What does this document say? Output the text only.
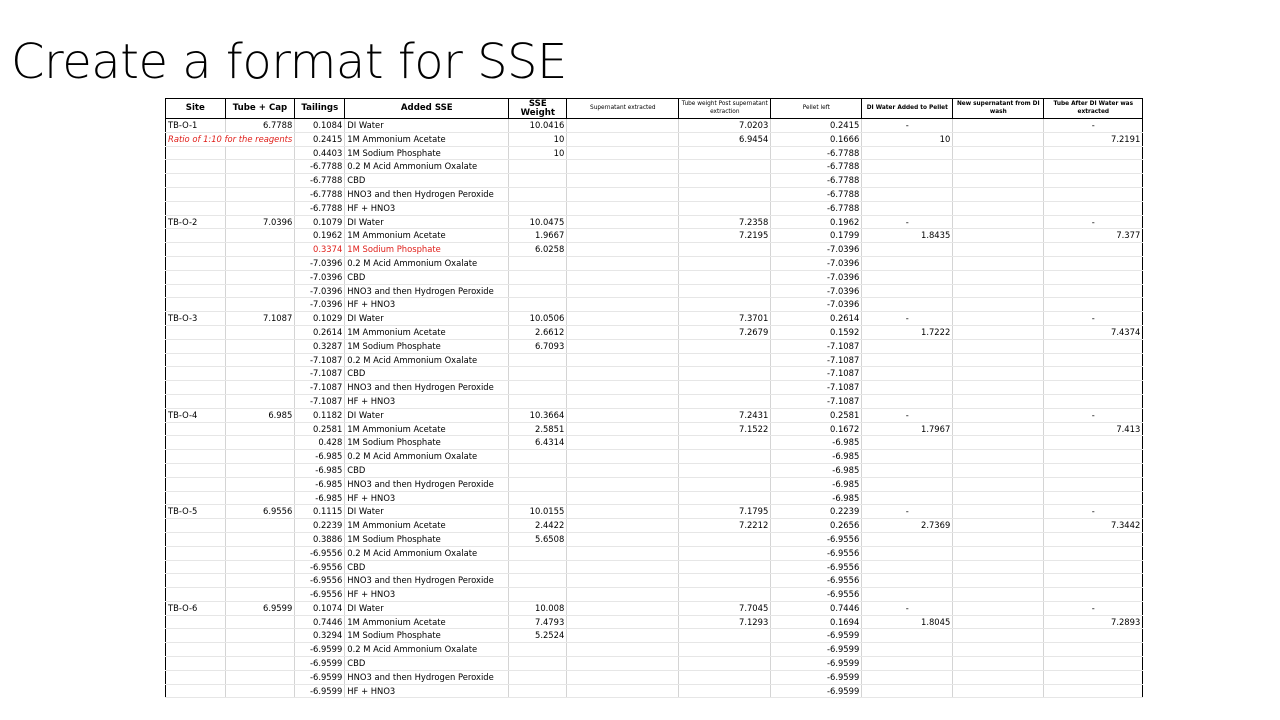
Create a format for SSE
Site	Tube + Cap	Tailings	Added SSE	SSE Weight	Supernatant extracted	Tube weight Post supernatant extraction	Pellet left	DI Water Added to Pellet	New supernatant from DI wash	Tube After DI Water was extracted
TB-O-1	6.7788	0.1084	DI Water	10.0416		7.0203	0.2415	-		-
Ratio of 1:10 for the reagents		0.2415	1M Ammonium Acetate	10		6.9454	0.1666	10		7.2191
		0.4403	1M Sodium Phosphate	10			-6.7788			
		-6.7788	0.2 M Acid Ammonium Oxalate				-6.7788			
		-6.7788	CBD				-6.7788			
		-6.7788	HNO3 and then Hydrogen Peroxide				-6.7788			
		-6.7788	HF + HNO3				-6.7788			
TB-O-2	7.0396	0.1079	DI Water	10.0475		7.2358	0.1962	-		-
		0.1962	1M Ammonium Acetate	1.9667		7.2195	0.1799	1.8435		7.377
		0.3374	1M Sodium Phosphate	6.0258			-7.0396			
		-7.0396	0.2 M Acid Ammonium Oxalate				-7.0396			
		-7.0396	CBD				-7.0396			
		-7.0396	HNO3 and then Hydrogen Peroxide				-7.0396			
		-7.0396	HF + HNO3				-7.0396			
TB-O-3	7.1087	0.1029	DI Water	10.0506		7.3701	0.2614	-		-
		0.2614	1M Ammonium Acetate	2.6612		7.2679	0.1592	1.7222		7.4374
		0.3287	1M Sodium Phosphate	6.7093			-7.1087			
		-7.1087	0.2 M Acid Ammonium Oxalate				-7.1087			
		-7.1087	CBD				-7.1087			
		-7.1087	HNO3 and then Hydrogen Peroxide				-7.1087			
		-7.1087	HF + HNO3				-7.1087			
TB-O-4	6.985	0.1182	DI Water	10.3664		7.2431	0.2581	-		-
		0.2581	1M Ammonium Acetate	2.5851		7.1522	0.1672	1.7967		7.413
		0.428	1M Sodium Phosphate	6.4314			-6.985			
		-6.985	0.2 M Acid Ammonium Oxalate				-6.985			
		-6.985	CBD				-6.985			
		-6.985	HNO3 and then Hydrogen Peroxide				-6.985			
		-6.985	HF + HNO3				-6.985			
TB-O-5	6.9556	0.1115	DI Water	10.0155		7.1795	0.2239	-		-
		0.2239	1M Ammonium Acetate	2.4422		7.2212	0.2656	2.7369		7.3442
		0.3886	1M Sodium Phosphate	5.6508			-6.9556			
		-6.9556	0.2 M Acid Ammonium Oxalate				-6.9556			
		-6.9556	CBD				-6.9556			
		-6.9556	HNO3 and then Hydrogen Peroxide				-6.9556			
		-6.9556	HF + HNO3				-6.9556			
TB-O-6	6.9599	0.1074	DI Water	10.008		7.7045	0.7446	-		-
		0.7446	1M Ammonium Acetate	7.4793		7.1293	0.1694	1.8045		7.2893
		0.3294	1M Sodium Phosphate	5.2524			-6.9599			
		-6.9599	0.2 M Acid Ammonium Oxalate				-6.9599			
		-6.9599	CBD				-6.9599			
		-6.9599	HNO3 and then Hydrogen Peroxide				-6.9599			
		-6.9599	HF + HNO3				-6.9599			
